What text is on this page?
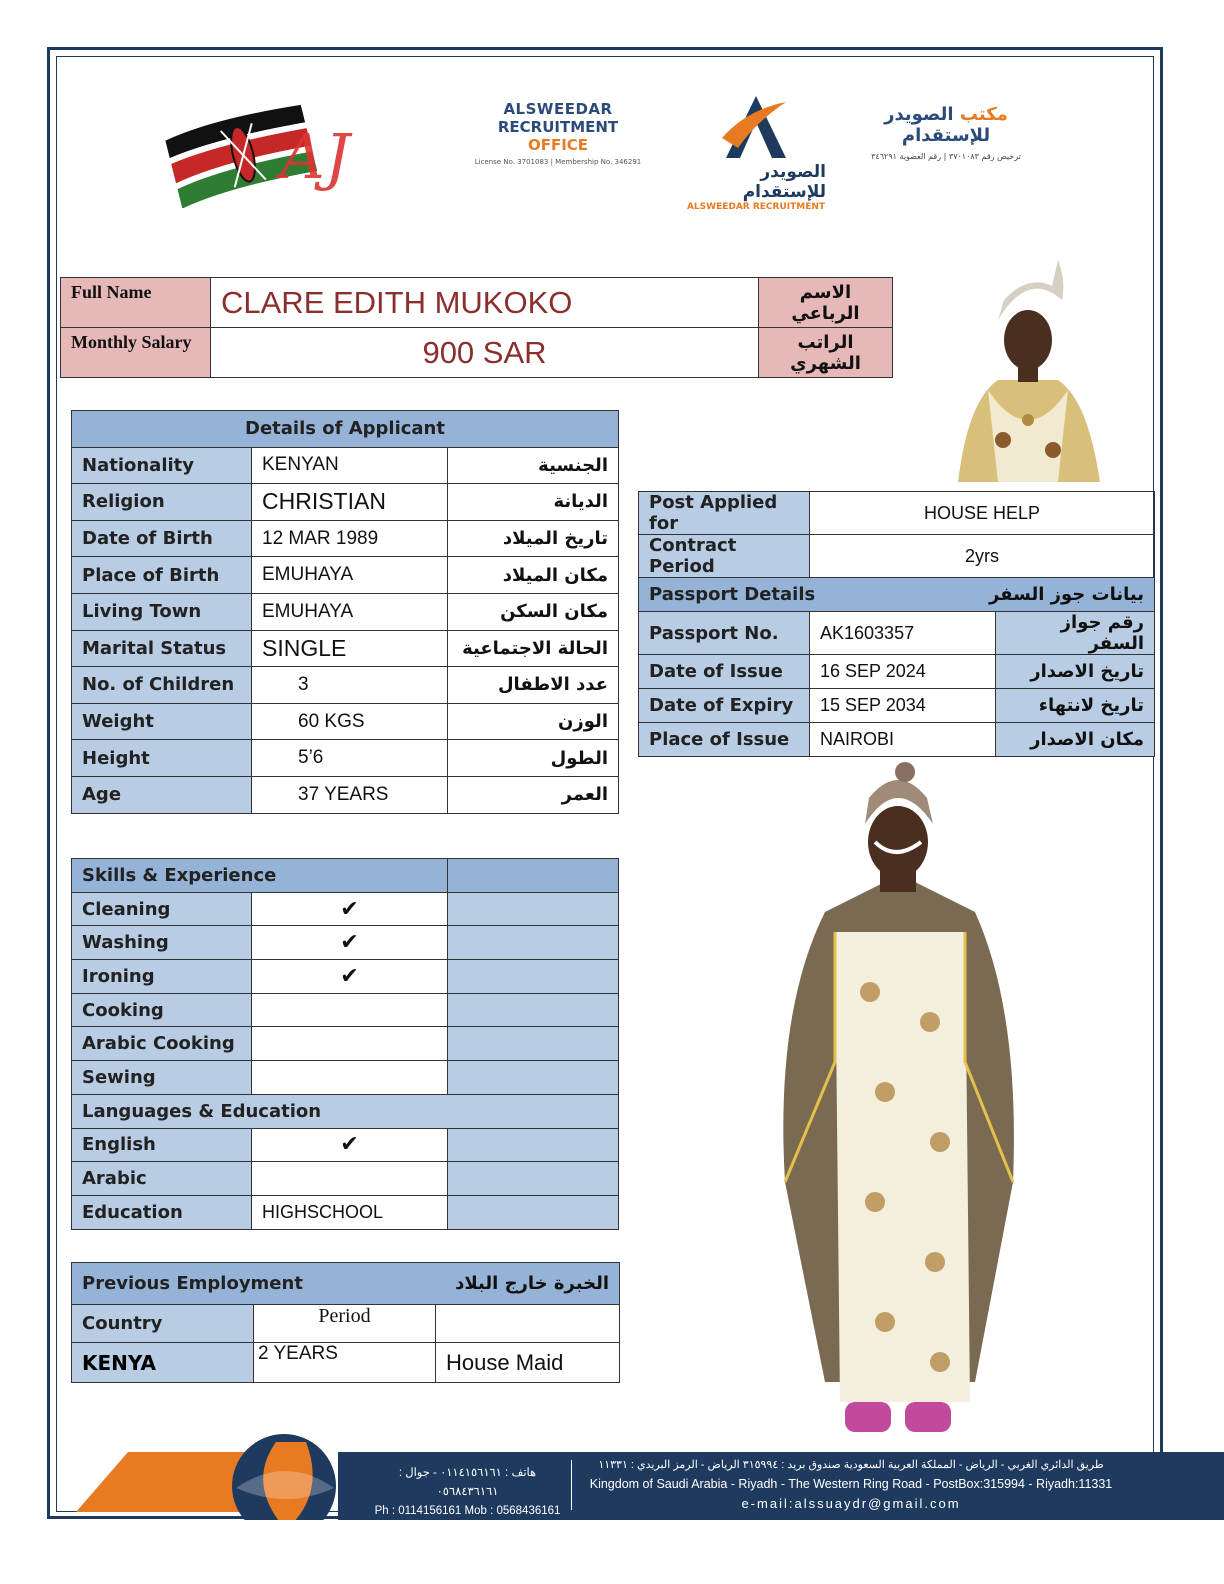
AJ
ALSWEEDAR
RECRUITMENT OFFICE
License No. 3701083 | Membership No. 346291	الصويدر للإستقدام
ALSWEEDAR RECRUITMENT
مكتب الصويدر للإستقدام
ترخيص رقم ٣٧٠١٠٨٣ | رقم العضوية ٣٤٦٢٩١
Full Name	CLARE EDITH MUKOKO	الاسم الرباعي
Monthly Salary	900 SAR	الراتب الشهري
Details of Applicant		
Nationality	KENYAN	الجنسية
Religion	CHRISTIAN	الديانة
Date of Birth	12 MAR 1989	تاريخ الميلاد
Place of Birth	EMUHAYA	مكان الميلاد
Living Town	EMUHAYA	مكان السكن
Marital Status	SINGLE	الحالة الاجتماعية
No. of Children	3	عدد الاطفال
Weight	60 KGS	الوزن
Height	5’6	الطول
Age	37 YEARS	العمر
Post Applied for	HOUSE HELP	
Contract Period	2yrs	
Passport Details بيانات جوز السفر		

Passport No.	AK1603357	رقم جواز السفر
Date of Issue	16 SEP 2024	تاريخ الاصدار
Date of Expiry	15 SEP 2034	تاريخ لانتهاء
Place of Issue	NAIROBI	مكان الاصدار
Skills & Experience		
Cleaning	✔	
Washing	✔	
Ironing	✔	
Cooking		
Arabic Cooking		
Sewing		
Languages & Education		
English	✔	
Arabic		
Education	HIGHSCHOOL	
Previous Employment الخبرة خارج البلاد		

Country	Period	
KENYA	2 YEARS	House Maid
هاتف : ٠١١٤١٥٦١٦١ - جوال : ٠٥٦٨٤٣٦١٦١
Ph : 0114156161 Mob : 0568436161
طريق الدائري الغربي - الرياض - المملكة العربية السعودية صندوق بريد : ٣١٥٩٩٤ الرياض - الرمز البريدي : ١١٣٣١
Kingdom of Saudi Arabia - Riyadh - The Western Ring Road - PostBox:315994 - Riyadh:11331
e-mail:alssuaydr@gmail.com
